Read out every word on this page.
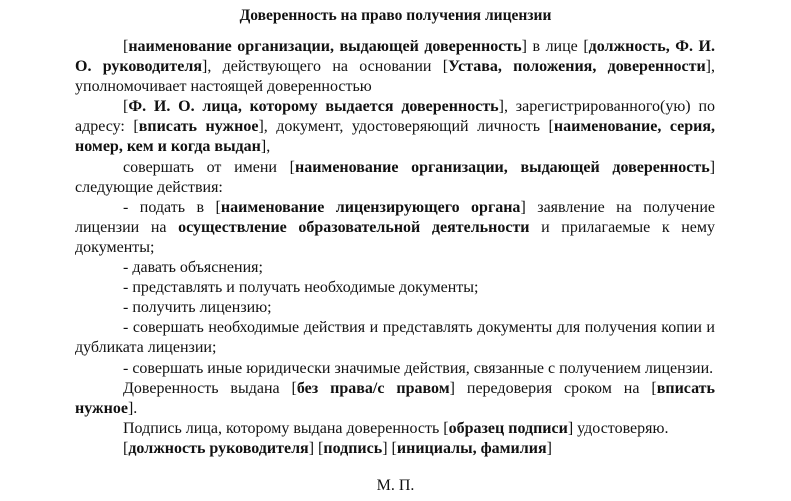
Доверенность на право получения лицензии

[наименование организации, выдающей доверенность] в лице [должность, Ф. И. О. руководителя], действующего на основании [Устава, положения, доверенности], уполномочивает настоящей доверенностью

[Ф. И. О. лица, которому выдается доверенность], зарегистрированного(ую) по адресу: [вписать нужное], документ, удостоверяющий личность [наименование, серия, номер, кем и когда выдан],

совершать от имени [наименование организации, выдающей доверенность] следующие действия:

- подать в [наименование лицензирующего органа] заявление на получение лицензии на осуществление образовательной деятельности и прилагаемые к нему документы;

- давать объяснения;

- представлять и получать необходимые документы;

- получить лицензию;

- совершать необходимые действия и представлять документы для получения копии и дубликата лицензии;

- совершать иные юридически значимые действия, связанные с получением лицензии.

Доверенность выдана [без права/с правом] передоверия сроком на [вписать нужное].

Подпись лица, которому выдана доверенность [образец подписи] удостоверяю.

[должность руководителя] [подпись] [инициалы, фамилия]

М. П.
